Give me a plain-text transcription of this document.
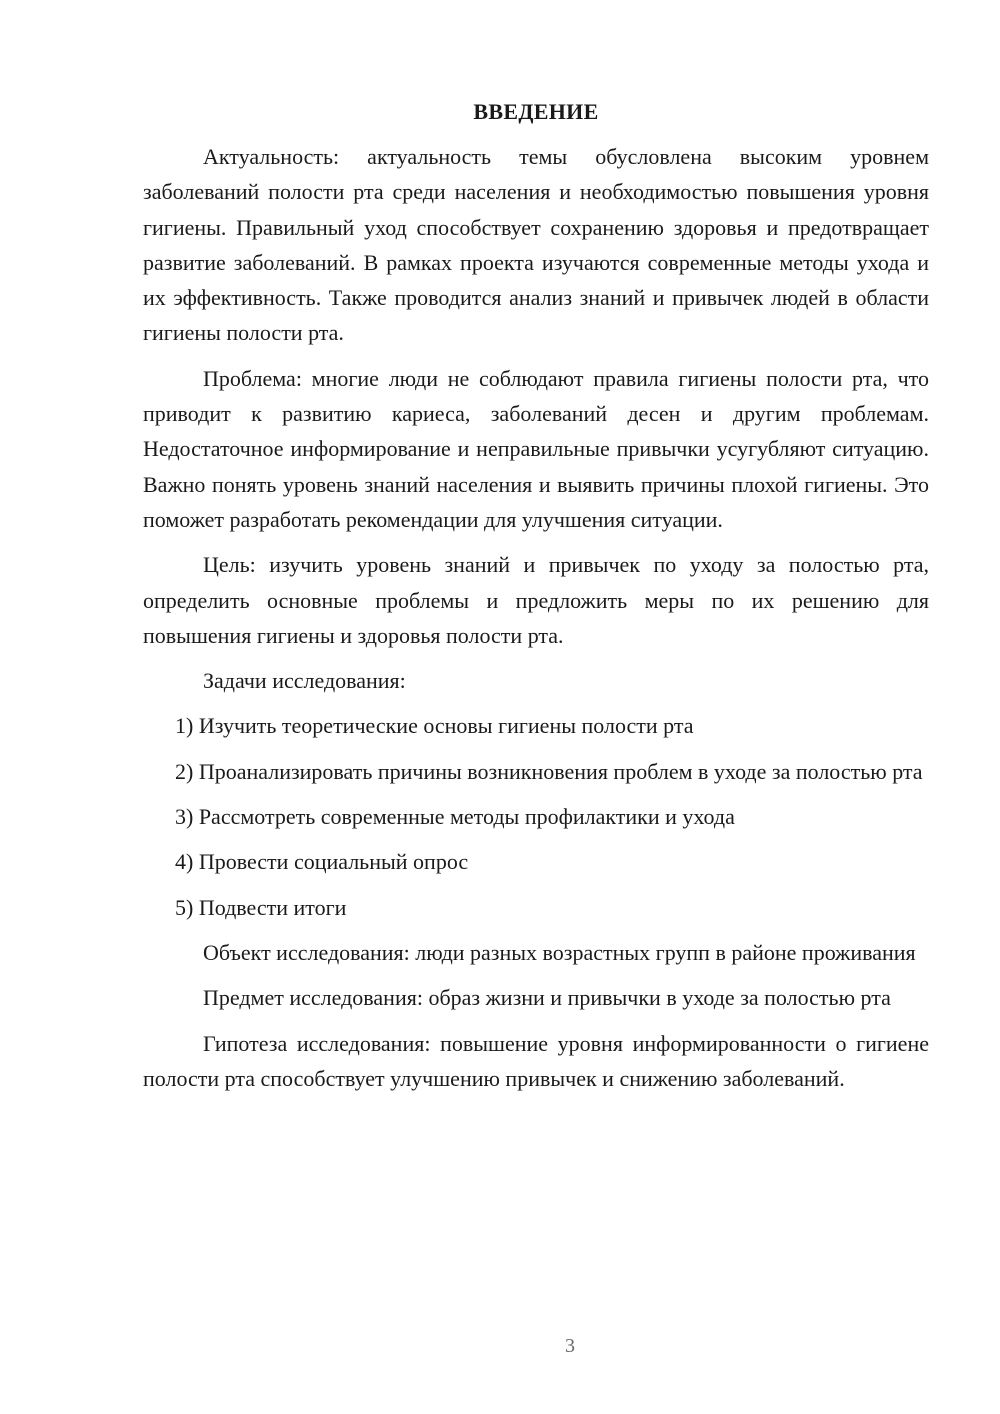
ВВЕДЕНИЕ

Актуальность: актуальность темы обусловлена высоким уровнем заболеваний полости рта среди населения и необходимостью повышения уровня гигиены. Правильный уход способствует сохранению здоровья и предотвращает развитие заболеваний. В рамках проекта изучаются современные методы ухода и их эффективность. Также проводится анализ знаний и привычек людей в области гигиены полости рта.

Проблема: многие люди не соблюдают правила гигиены полости рта, что приводит к развитию кариеса, заболеваний десен и другим проблемам. Недостаточное информирование и неправильные привычки усугубляют ситуацию. Важно понять уровень знаний населения и выявить причины плохой гигиены. Это поможет разработать рекомендации для улучшения ситуации.

Цель: изучить уровень знаний и привычек по уходу за полостью рта, определить основные проблемы и предложить меры по их решению для повышения гигиены и здоровья полости рта.

Задачи исследования:

1) Изучить теоретические основы гигиены полости рта

2) Проанализировать причины возникновения проблем в уходе за полостью рта

3) Рассмотреть современные методы профилактики и ухода

4) Провести социальный опрос

5) Подвести итоги

Объект исследования: люди разных возрастных групп в районе проживания

Предмет исследования: образ жизни и привычки в уходе за полостью рта

Гипотеза исследования: повышение уровня информированности о гигиене полости рта способствует улучшению привычек и снижению заболеваний.

3
